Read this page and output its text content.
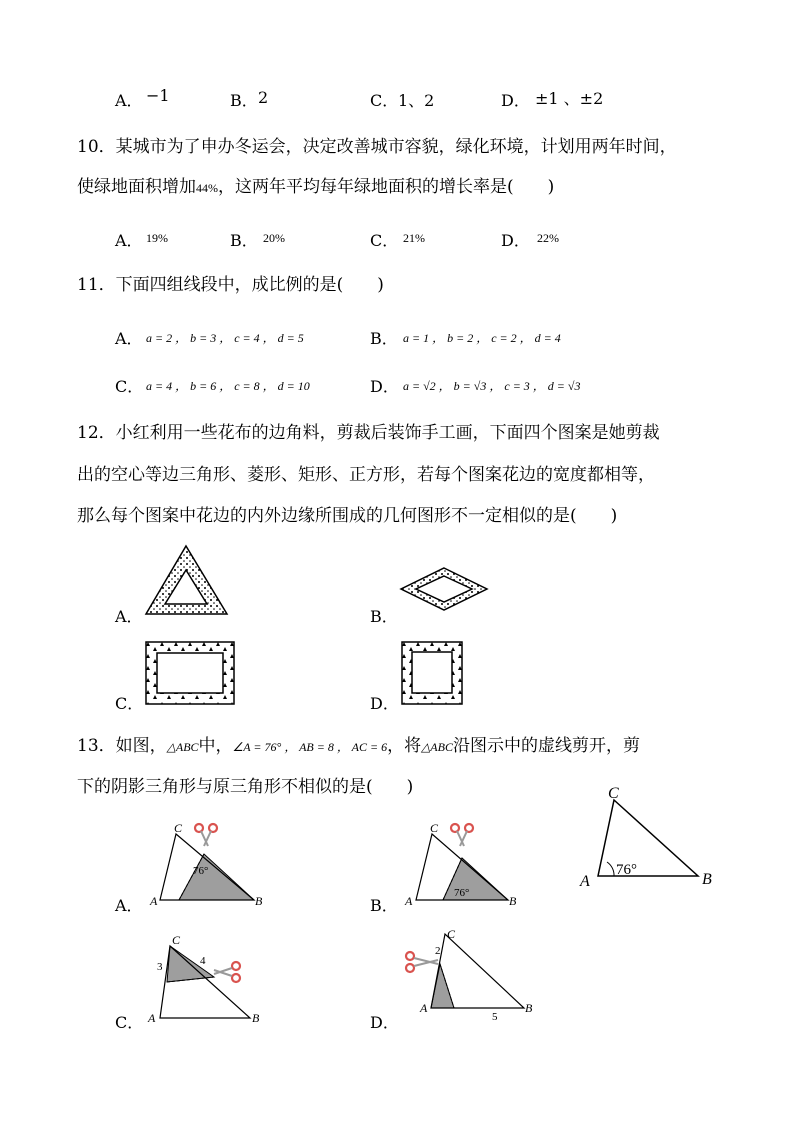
A． −1	B． 2	C． 1、2	D． ±1 、±2
10．某城市为了申办冬运会，决定改善城市容貌，绿化环境，计划用两年时间，
使绿地面积增加44%，这两年平均每年绿地面积的增长率是(　　)
A． 19%	B． 20%	C． 21%	D． 22%
11．下面四组线段中，成比例的是(　　)
A． a = 2 ， b = 3 ， c = 4 ， d = 5	B． a = 1 ， b = 2 ， c = 2 ， d = 4
C． a = 4 ， b = 6 ， c = 8 ， d = 10	D． a = √2 ， b = √3 ， c = 3 ， d = √3
12．小红利用一些花布的边角料，剪裁后装饰手工画，下面四个图案是她剪裁
出的空心等边三角形、菱形、矩形、正方形，若每个图案花边的宽度都相等，
那么每个图案中花边的内外边缘所围成的几何图形不一定相似的是(　　)
A．	B．
C．	D．
13．如图，△ABC中，∠A = 76° ， AB = 8 ， AC = 6，将△ABC沿图示中的虚线剪开，剪
下的阴影三角形与原三角形不相似的是(　　)
A	B
C
76°
A． A	B
C
76°
B． A	B
C
76°
C． A	B
C
3	4
D．
A	B
C
2
5
